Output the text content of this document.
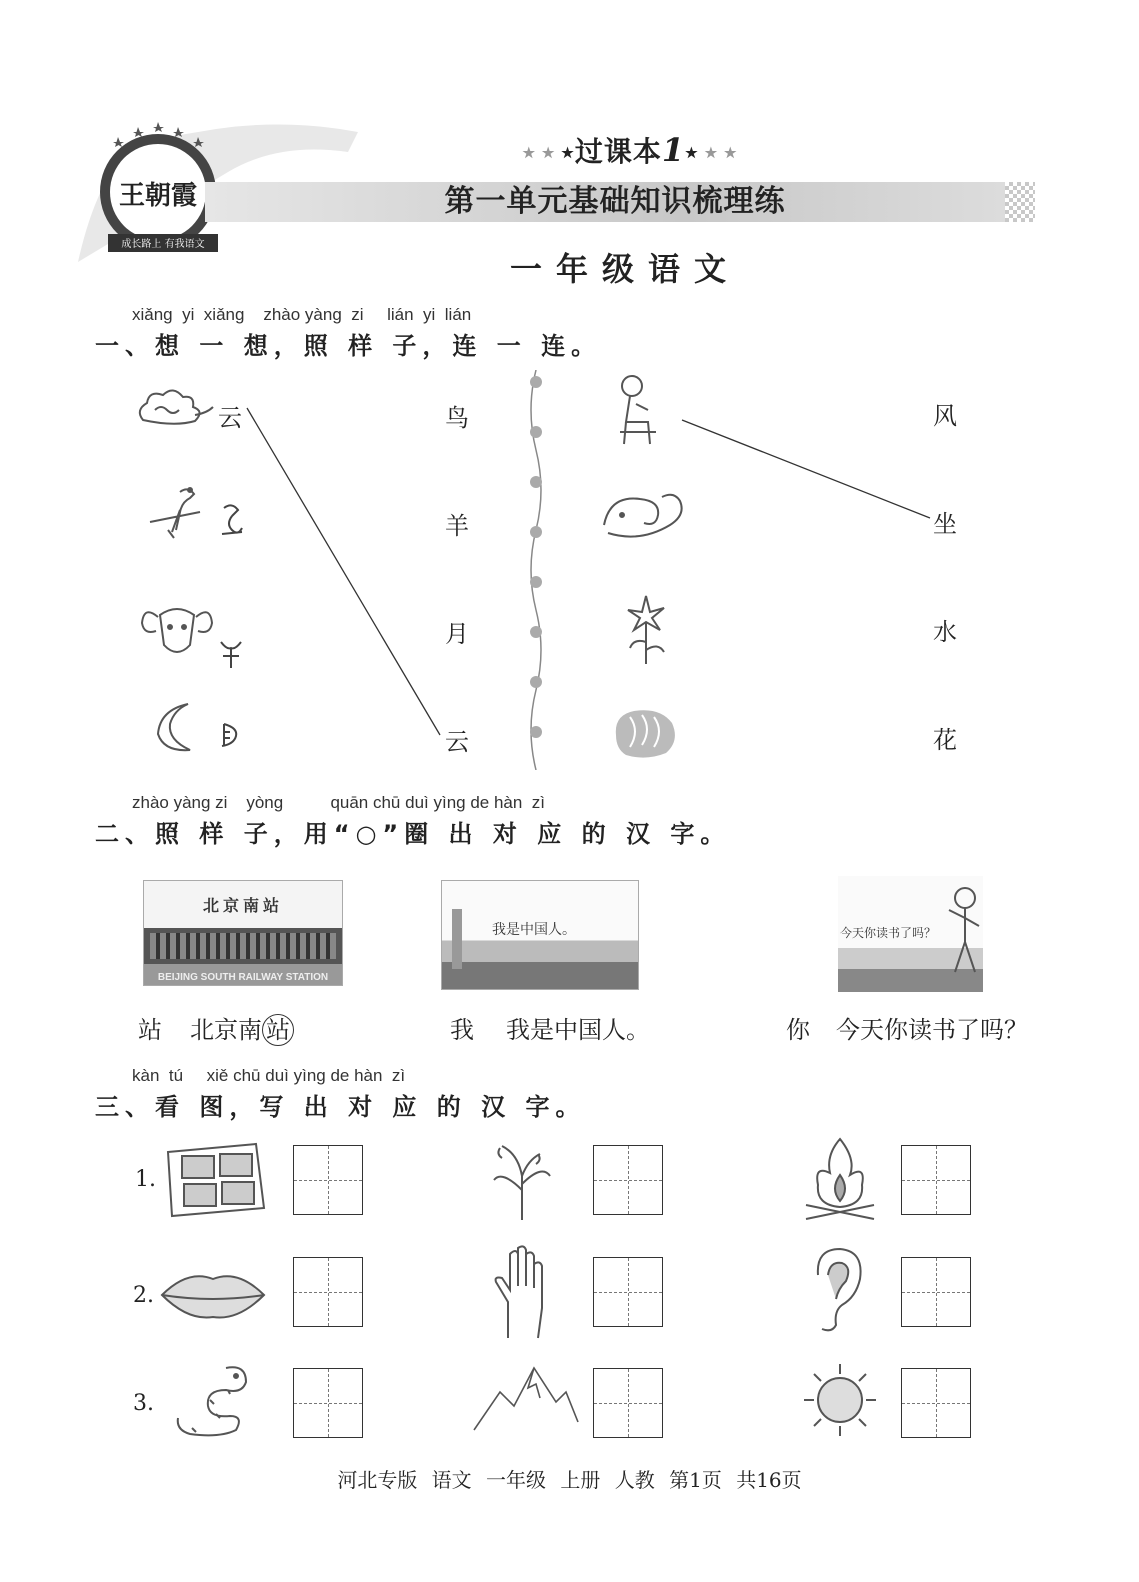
王朝霞
成长路上 有我语文
★ ★ ★过课本1★ ★ ★
第一单元基础知识梳理练
一年级语文
xiǎng  yi  xiǎng    zhào yàng  zi     lián  yi  lián
一、想 一 想，照 样 子，连 一 连。
云	鸟
羊
月
云
风
坐
水
花
zhào yàng zi    yòng          quān chū duì yìng de hàn  zì
二、照 样 子，用“○”圈 出 对 应 的 汉 字。
北京南站
BEIJING SOUTH RAILWAY STATION
我是中国人。	今天你读书了吗？
站 北京南 站	我 我是中国人。	你 今天你读书了吗？
kàn  tú     xiě chū duì yìng de hàn  zì
三、看 图，写 出 对 应 的 汉 字。
1.
2.
3.
河北专版 语文 一年级 上册 人教 第1页 共16页
